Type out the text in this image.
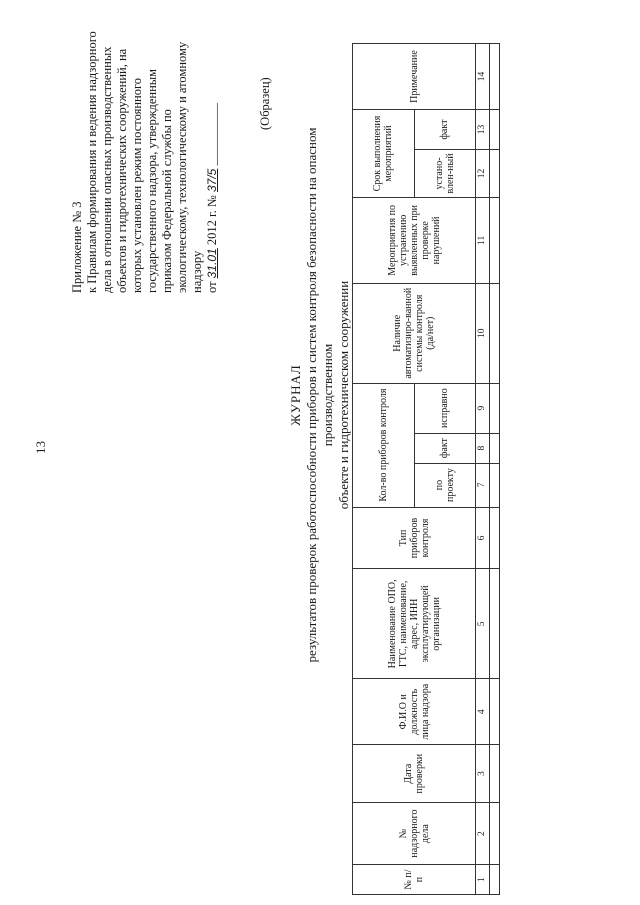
13
Приложение № 3 к Правилам формирования и ведения надзорного дела в отношении опасных производственных объектов и гидротехнических сооружений, на которых установлен режим постоянного государственного надзора, утвержденным приказом Федеральной службы по экологическому, технологическому и атомному надзору от 31.01 2012 г. № 37/5 __________	(Образец)
ЖУРНАЛ результатов проверок работоспособности приборов и систем контроля безопасности на опасном производственном объекте и гидротехническом сооружении
№ п/п	№ надзорного дела	Дата проверки	Ф.И.О и должность лица надзора	Наименование ОПО, ГТС, наименование, адрес, ИНН эксплуатирующей организации	Тип приборов контроля	Кол-во приборов контроля			Наличие автоматизиро-ванной системы контроля (да/нет)	Мероприятия по устранению выявленных при проверке нарушений	Срок выполнения мероприятий		Примечание
						по проекту	факт	исправно			устано-влен-ный	факт	
1	2	3	4	5	6	7	8	9	10	11	12	13	14
